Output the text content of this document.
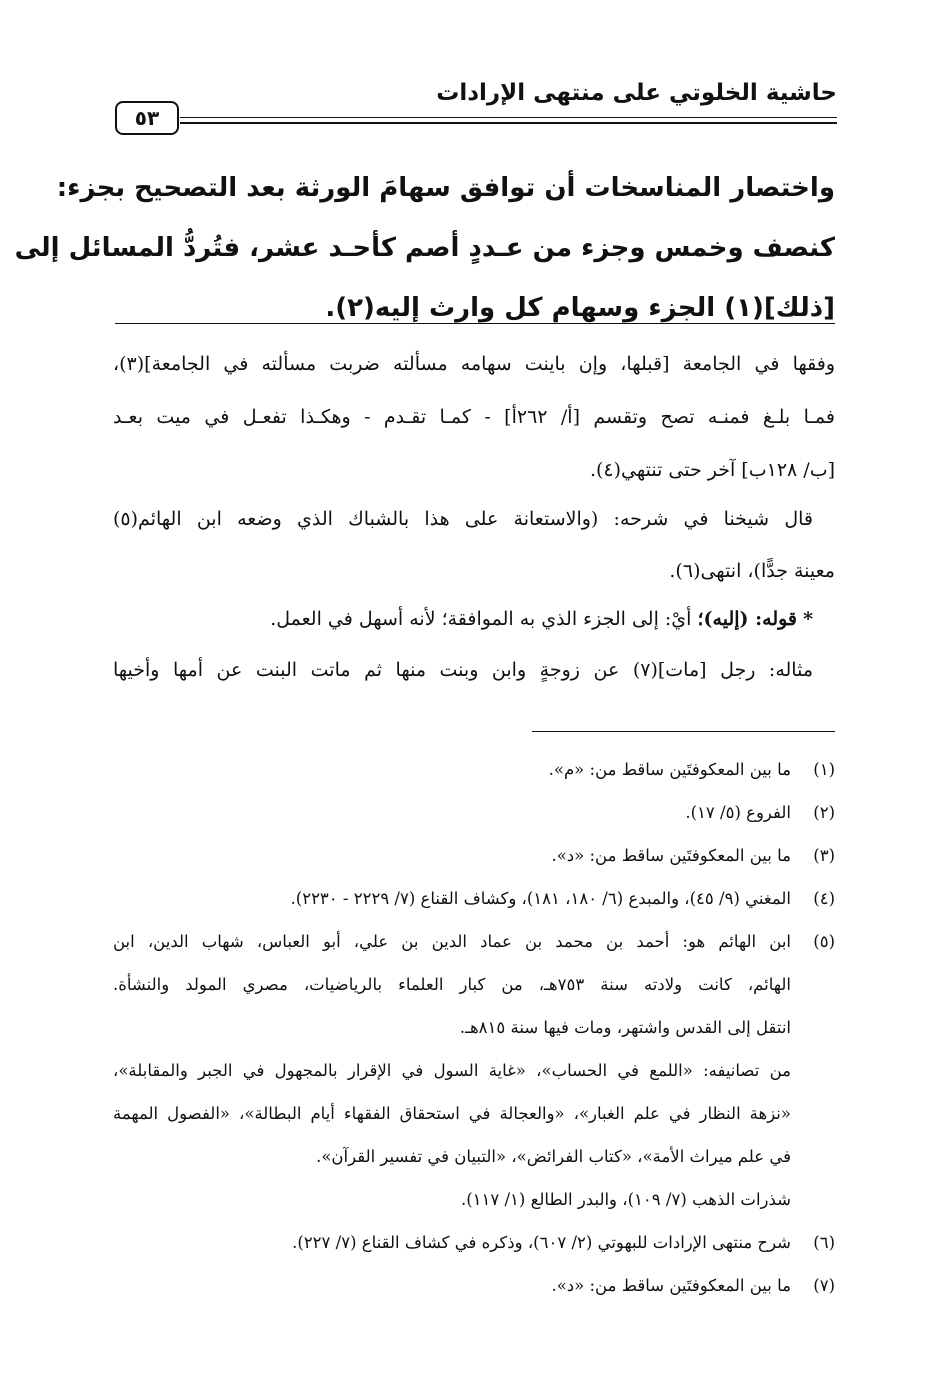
حاشية الخلوتي على منتهى الإرادات
٥٣
واختصار المناسخات أن توافق سهامَ الورثة بعد التصحيح بجزء:
كنصف وخمس وجزء من عـددٍ أصم كأحـد عشر، فتُردُّ المسائل إلى
[ذلك](١) الجزء وسهام كل وارث إليه(٢).
وفقها في الجامعة [قبلها، وإن باينت سهامه مسألته ضربت مسألته في الجامعة](٣)،
فمـا بلـغ فمنـه تصح وتقسم [أ/ ٢٦٢أ] - كمـا تقـدم - وهكـذا تفعـل في ميت بعـد
[ب/ ١٢٨ب] آخر حتى تنتهي(٤).
قال شيخنا في شرحه: (والاستعانة على هذا بالشباك الذي وضعه ابن الهائم(٥)
معينة جدًّا)، انتهى(٦).
* قوله: (إليه)؛ أيْ: إلى الجزء الذي به الموافقة؛ لأنه أسهل في العمل.
مثاله: رجل [مات](٧) عن زوجةٍ وابن وبنت منها ثم ماتت البنت عن أمها وأخيها
(١)
ما بين المعكوفتَين ساقط من: «م».
(٢)
الفروع (٥/ ١٧).
(٣)
ما بين المعكوفتَين ساقط من: «د».
(٤)
المغني (٩/ ٤٥)، والمبدع (٦/ ١٨٠، ١٨١)، وكشاف القناع (٧/ ٢٢٢٩ - ٢٢٣٠).
(٥)
ابن الهائم هو: أحمد بن محمد بن عماد الدين بن علي، أبو العباس، شهاب الدين، ابن
الهائم، كانت ولادته سنة ٧٥٣هـ، من كبار العلماء بالرياضيات، مصري المولد والنشأة.
انتقل إلى القدس واشتهر، ومات فيها سنة ٨١٥هـ.
من تصانيفه: «اللمع في الحساب»، «غاية السول في الإقرار بالمجهول في الجبر والمقابلة»،
«نزهة النظار في علم الغبار»، «والعجالة في استحقاق الفقهاء أيام البطالة»، «الفصول المهمة
في علم ميراث الأمة»، «كتاب الفرائض»، «التبيان في تفسير القرآن».
شذرات الذهب (٧/ ١٠٩)، والبدر الطالع (١/ ١١٧).
(٦)
شرح منتهى الإرادات للبهوتي (٢/ ٦٠٧)، وذكره في كشاف القناع (٧/ ٢٢٧).
(٧)
ما بين المعكوفتَين ساقط من: «د».
